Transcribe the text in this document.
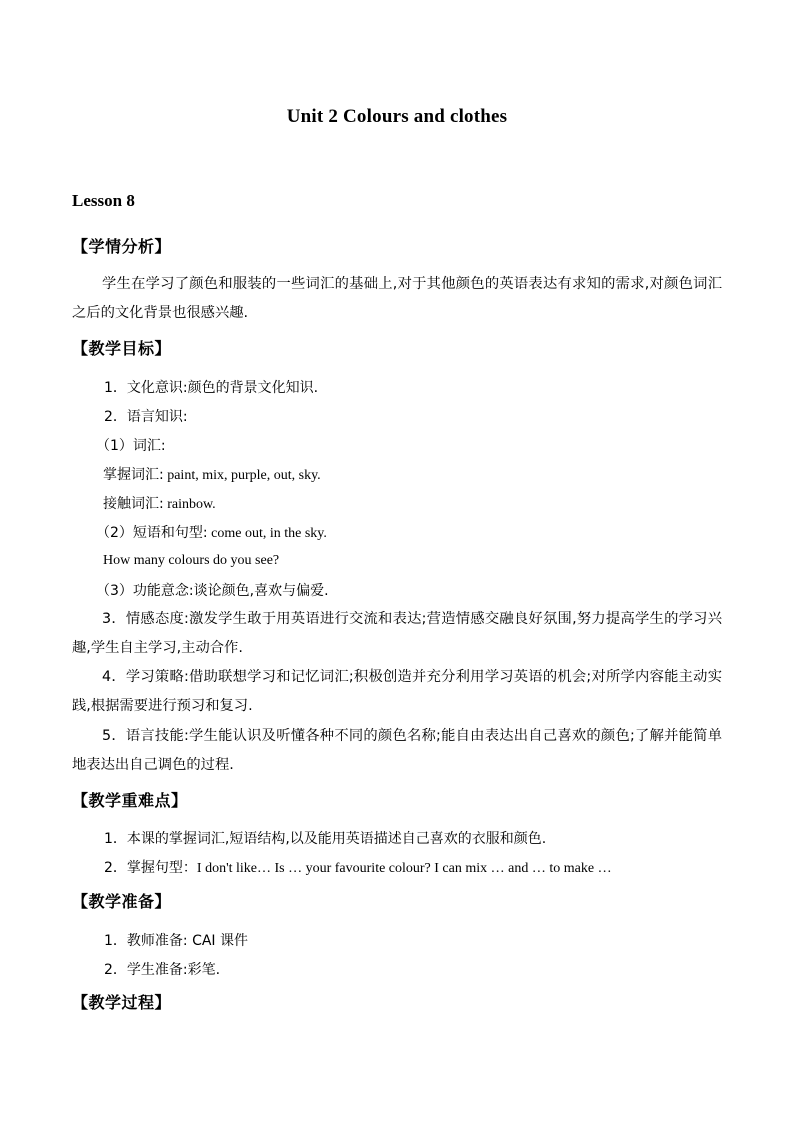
Unit 2 Colours and clothes
Lesson 8
【学情分析】
学生在学习了颜色和服装的一些词汇的基础上,对于其他颜色的英语表达有求知的需求,对颜色词汇之后的文化背景也很感兴趣.
【教学目标】
1．文化意识:颜色的背景文化知识.
2．语言知识:
（1）词汇:
掌握词汇: paint, mix, purple, out, sky.
接触词汇: rainbow.
（2）短语和句型: come out, in the sky.
How many colours do you see?
（3）功能意念:谈论颜色,喜欢与偏爱.
3．情感态度:激发学生敢于用英语进行交流和表达;营造情感交融良好氛围,努力提高学生的学习兴趣,学生自主学习,主动合作.
4．学习策略:借助联想学习和记忆词汇;积极创造并充分利用学习英语的机会;对所学内容能主动实践,根据需要进行预习和复习.
5．语言技能:学生能认识及听懂各种不同的颜色名称;能自由表达出自己喜欢的颜色;了解并能简单地表达出自己调色的过程.
【教学重难点】
1．本课的掌握词汇,短语结构,以及能用英语描述自己喜欢的衣服和颜色.
2．掌握句型：I don't like… Is … your favourite colour? I can mix … and … to make …
【教学准备】
1．教师准备: CAI 课件
2．学生准备:彩笔.
【教学过程】
